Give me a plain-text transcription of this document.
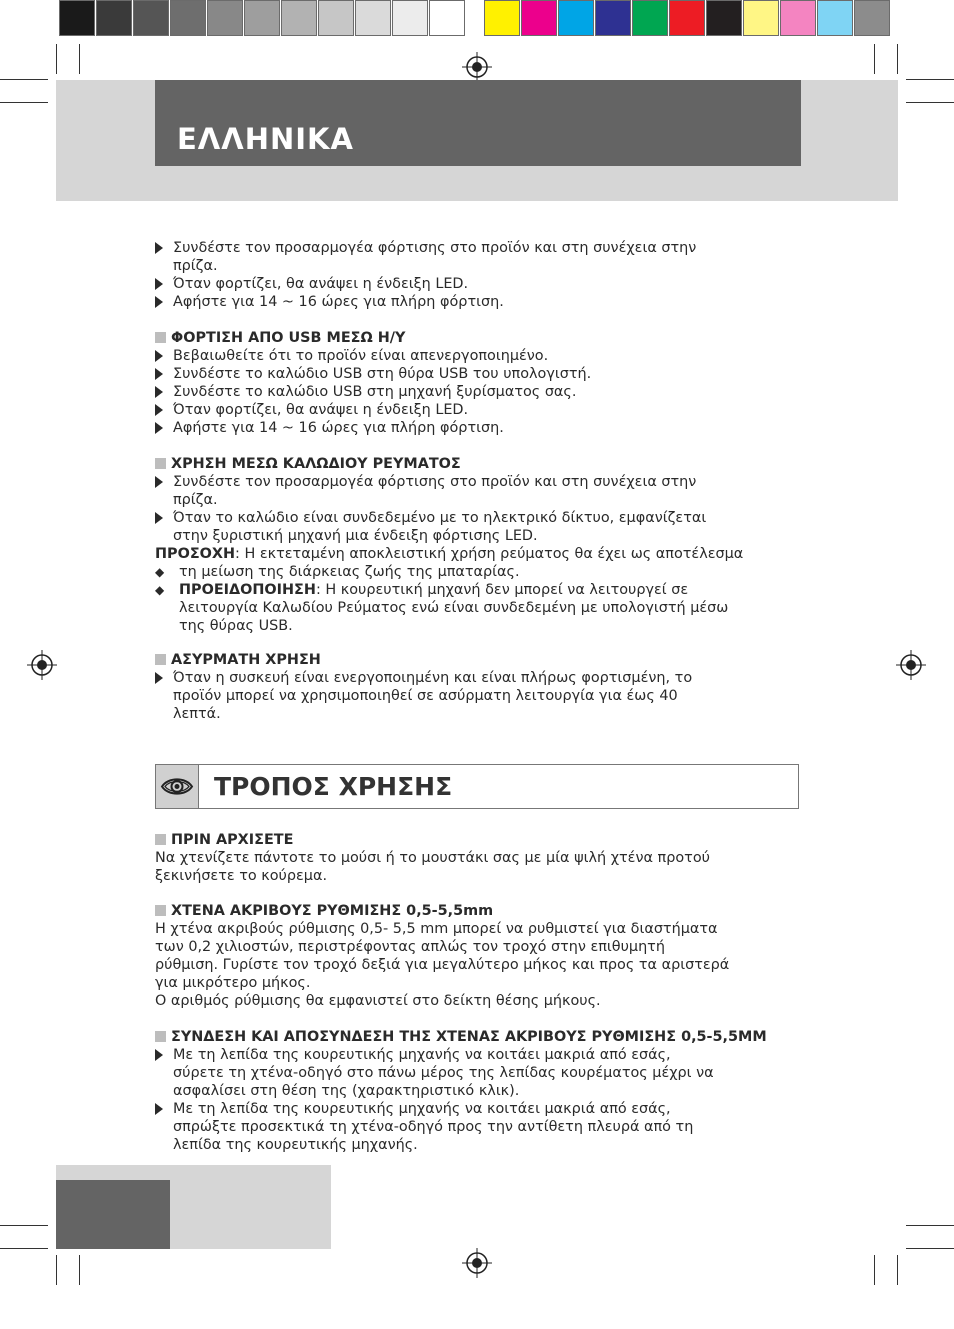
ΕΛΛΗΝΙΚΑ
Συνδέστε τον προσαρμογέα φόρτισης στο προϊόν και στη συνέχεια στην
πρίζα.
Όταν φορτίζει, θα ανάψει η ένδειξη LED.
Αφήστε για 14 ~ 16 ώρες για πλήρη φόρτιση.
ΦΟΡΤΙΣΗ ΑΠΟ USB ΜΕΣΩ Η/Υ
Βεβαιωθείτε ότι το προϊόν είναι απενεργοποιημένο.
Συνδέστε το καλώδιο USB στη θύρα USB του υπολογιστή.
Συνδέστε το καλώδιο USB στη μηχανή ξυρίσματος σας.
Όταν φορτίζει, θα ανάψει η ένδειξη LED.
Αφήστε για 14 ~ 16 ώρες για πλήρη φόρτιση.
ΧΡΗΣΗ ΜΕΣΩ ΚΑΛΩΔΙΟΥ ΡΕΥΜΑΤΟΣ
Συνδέστε τον προσαρμογέα φόρτισης στο προϊόν και στη συνέχεια στην
πρίζα.
Όταν το καλώδιο είναι συνδεδεμένο με το ηλεκτρικό δίκτυο, εμφανίζεται
στην ξυριστική μηχανή μια ένδειξη φόρτισης LED.
ΠΡΟΣΟΧΗ: Η εκτεταμένη αποκλειστική χρήση ρεύματος θα έχει ως αποτέλεσμα
◆ τη μείωση της διάρκειας ζωής της μπαταρίας.
◆ ΠΡΟΕΙΔΟΠΟΙΗΣΗ: Η κουρευτική μηχανή δεν μπορεί να λειτουργεί σε
λειτουργία Καλωδίου Ρεύματος ενώ είναι συνδεδεμένη με υπολογιστή μέσω
της θύρας USB.
ΑΣΥΡΜΑΤΗ ΧΡΗΣΗ
Όταν η συσκευή είναι ενεργοποιημένη και είναι πλήρως φορτισμένη, το
προϊόν μπορεί να χρησιμοποιηθεί σε ασύρματη λειτουργία για έως 40
λεπτά.
ΠΡΙΝ ΑΡΧΙΣΕΤΕ
Να χτενίζετε πάντοτε το μούσι ή το μουστάκι σας με μία ψιλή χτένα προτού
ξεκινήσετε το κούρεμα.
ΧΤΕΝΑ ΑΚΡΙΒΟΥΣ ΡΥΘΜΙΣΗΣ 0,5-5,5mm
Η χτένα ακριβούς ρύθμισης 0,5- 5,5 mm μπορεί να ρυθμιστεί για διαστήματα
των 0,2 χιλιοστών, περιστρέφοντας απλώς τον τροχό στην επιθυμητή
ρύθμιση. Γυρίστε τον τροχό δεξιά για μεγαλύτερο μήκος και προς τα αριστερά
για μικρότερο μήκος.
Ο αριθμός ρύθμισης θα εμφανιστεί στο δείκτη θέσης μήκους.
ΣΥΝΔΕΣΗ ΚΑΙ ΑΠΟΣΥΝΔΕΣΗ ΤΗΣ ΧΤΕΝΑΣ ΑΚΡΙΒΟΥΣ ΡΥΘΜΙΣΗΣ 0,5-5,5MM
Με τη λεπίδα της κουρευτικής μηχανής να κοιτάει μακριά από εσάς,
σύρετε τη χτένα-οδηγό στο πάνω μέρος της λεπίδας κουρέματος μέχρι να
ασφαλίσει στη θέση της (χαρακτηριστικό κλικ).
Με τη λεπίδα της κουρευτικής μηχανής να κοιτάει μακριά από εσάς,
σπρώξτε προσεκτικά τη χτένα-οδηγό προς την αντίθετη πλευρά από τη
λεπίδα της κουρευτικής μηχανής.
ΤΡΟΠΟΣ ΧΡΗΣΗΣ
